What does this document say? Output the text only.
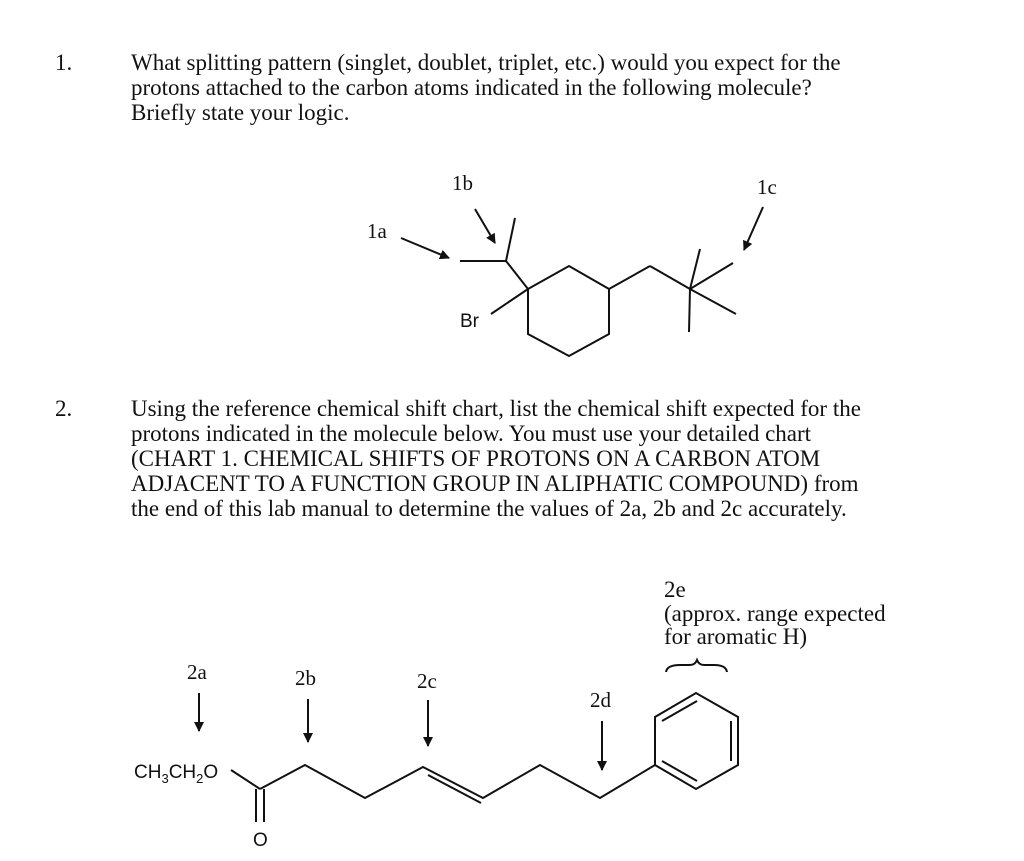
1.	What splitting pattern (singlet, doublet, triplet, etc.) would you expect for the
protons attached to the carbon atoms indicated in the following molecule?
Briefly state your logic.
2.	Using the reference chemical shift chart, list the chemical shift expected for the
protons indicated in the molecule below. You must use your detailed chart
(CHART 1. CHEMICAL SHIFTS OF PROTONS ON A CARBON ATOM
ADJACENT TO A FUNCTION GROUP IN ALIPHATIC COMPOUND) from
the end of this lab manual to determine the values of 2a, 2b and 2c accurately.
2e
(approx. range expected
for aromatic H)
Br
1a
1b	1c
$CH_3CH_2O$
O
2a	2b	2c
2d
